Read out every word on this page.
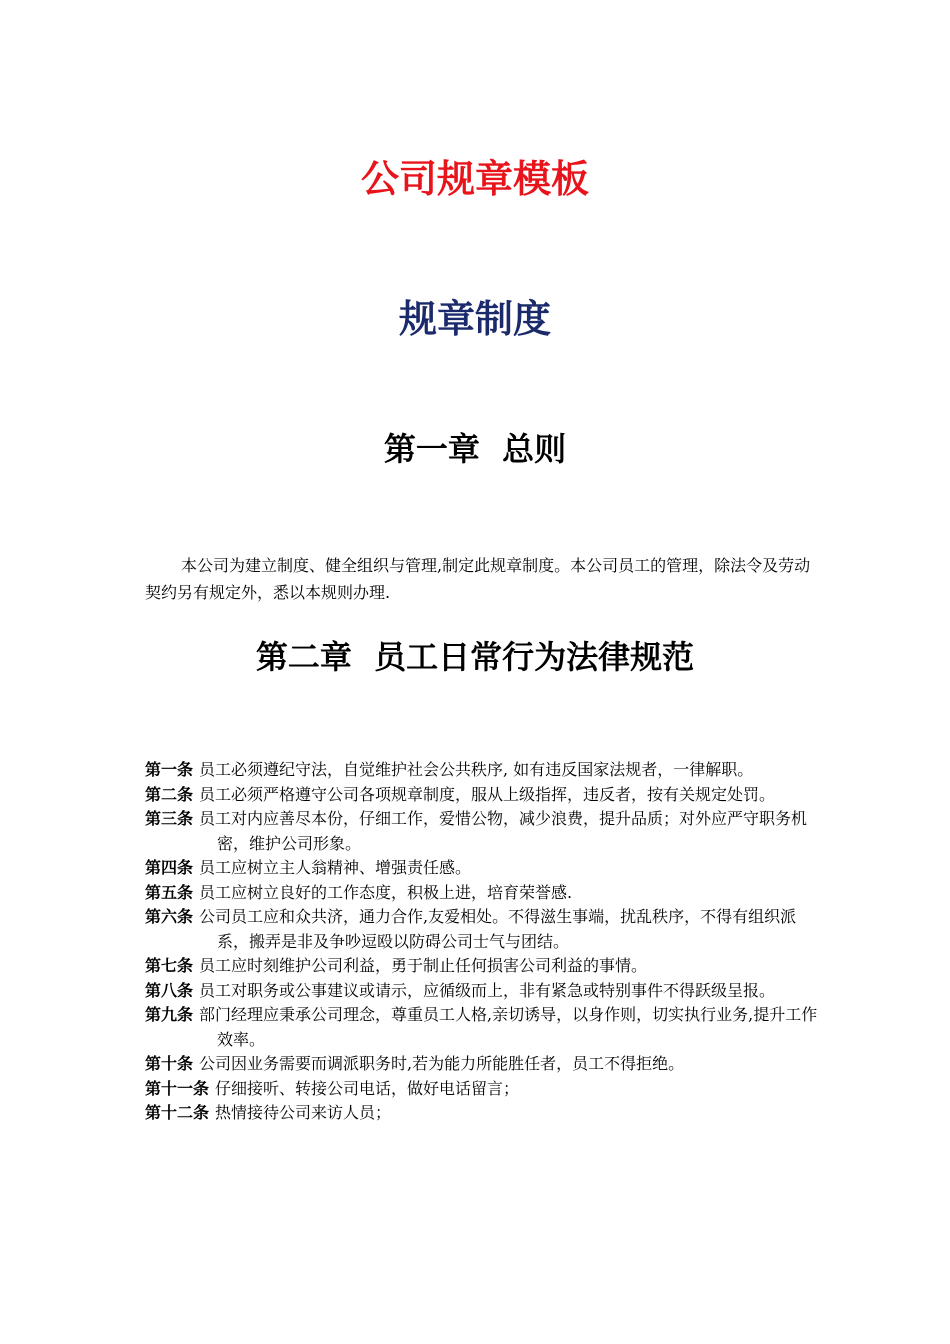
公司规章模板
规章制度
第一章  总则
本公司为建立制度、健全组织与管理,制定此规章制度。本公司员工的管理，除法令及劳动契约另有规定外，悉以本规则办理.
第二章  员工日常行为法律规范
第一条 员工必须遵纪守法，自觉维护社会公共秩序, 如有违反国家法规者，一律解职。
第二条 员工必须严格遵守公司各项规章制度，服从上级指挥，违反者，按有关规定处罚。
第三条 员工对内应善尽本份，仔细工作，爱惜公物，减少浪费，提升品质；对外应严守职务机密，维护公司形象。
第四条 员工应树立主人翁精神、增强责任感。
第五条 员工应树立良好的工作态度，积极上进，培育荣誉感.
第六条 公司员工应和众共济，通力合作,友爱相处。不得滋生事端，扰乱秩序，不得有组织派系，搬弄是非及争吵逗殴以防碍公司士气与团结。
第七条 员工应时刻维护公司利益，勇于制止任何损害公司利益的事情。
第八条 员工对职务或公事建议或请示，应循级而上，非有紧急或特别事件不得跃级呈报。
第九条 部门经理应秉承公司理念，尊重员工人格,亲切诱导，以身作则，切实执行业务,提升工作效率。
第十条 公司因业务需要而调派职务时,若为能力所能胜任者，员工不得拒绝。
第十一条 仔细接听、转接公司电话，做好电话留言；
第十二条 热情接待公司来访人员；
